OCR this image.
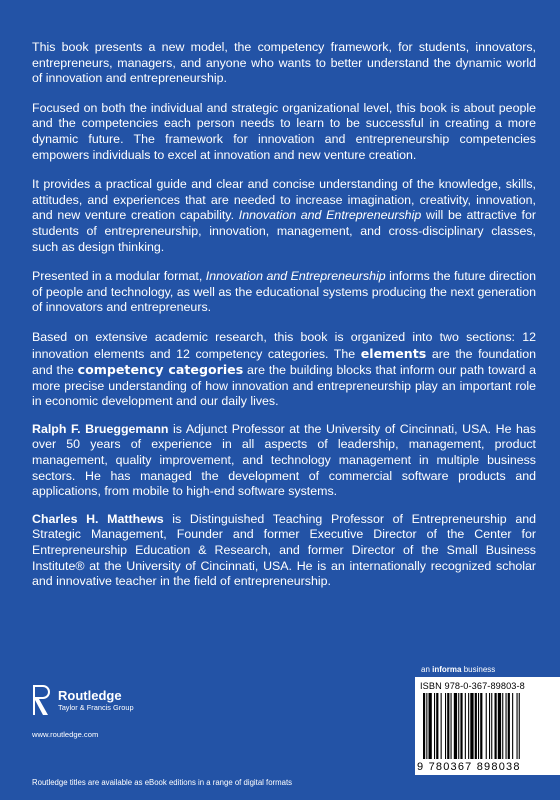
This book presents a new model, the competency framework, for students, innovators, entrepreneurs, managers, and anyone who wants to better understand the dynamic world of innovation and entrepreneurship.

Focused on both the individual and strategic organizational level, this book is about people and the competencies each person needs to learn to be successful in creating a more dynamic future. The framework for innovation and entrepreneurship competencies empowers individuals to excel at innovation and new venture creation.

It provides a practical guide and clear and concise understanding of the knowledge, skills, attitudes, and experiences that are needed to increase imagination, creativity, innovation, and new venture creation capability. Innovation and Entrepreneurship will be attractive for students of entrepreneurship, innovation, management, and cross-disciplinary classes, such as design thinking.

Presented in a modular format, Innovation and Entrepreneurship informs the future direction of people and technology, as well as the educational systems producing the next generation of innovators and entrepreneurs.

Based on extensive academic research, this book is organized into two sections: 12 innovation elements and 12 competency categories. The elements are the foundation and the competency categories are the building blocks that inform our path toward a more precise understanding of how innovation and entrepreneurship play an important role in economic development and our daily lives.

Ralph F. Brueggemann is Adjunct Professor at the University of Cincinnati, USA. He has over 50 years of experience in all aspects of leadership, management, product management, quality improvement, and technology management in multiple business sectors. He has managed the development of commercial software products and applications, from mobile to high-end software systems.

Charles H. Matthews is Distinguished Teaching Professor of Entrepreneurship and Strategic Management, Founder and former Executive Director of the Center for Entrepreneurship Education & Research, and former Director of the Small Business Institute® at the University of Cincinnati, USA. He is an internationally recognized scholar and innovative teacher in the field of entrepreneurship.

an informa business
ISBN 978-0-367-89803-8
9 780367 898038
Routledge
Taylor & Francis Group
www.routledge.com
Routledge titles are available as eBook editions in a range of digital formats
